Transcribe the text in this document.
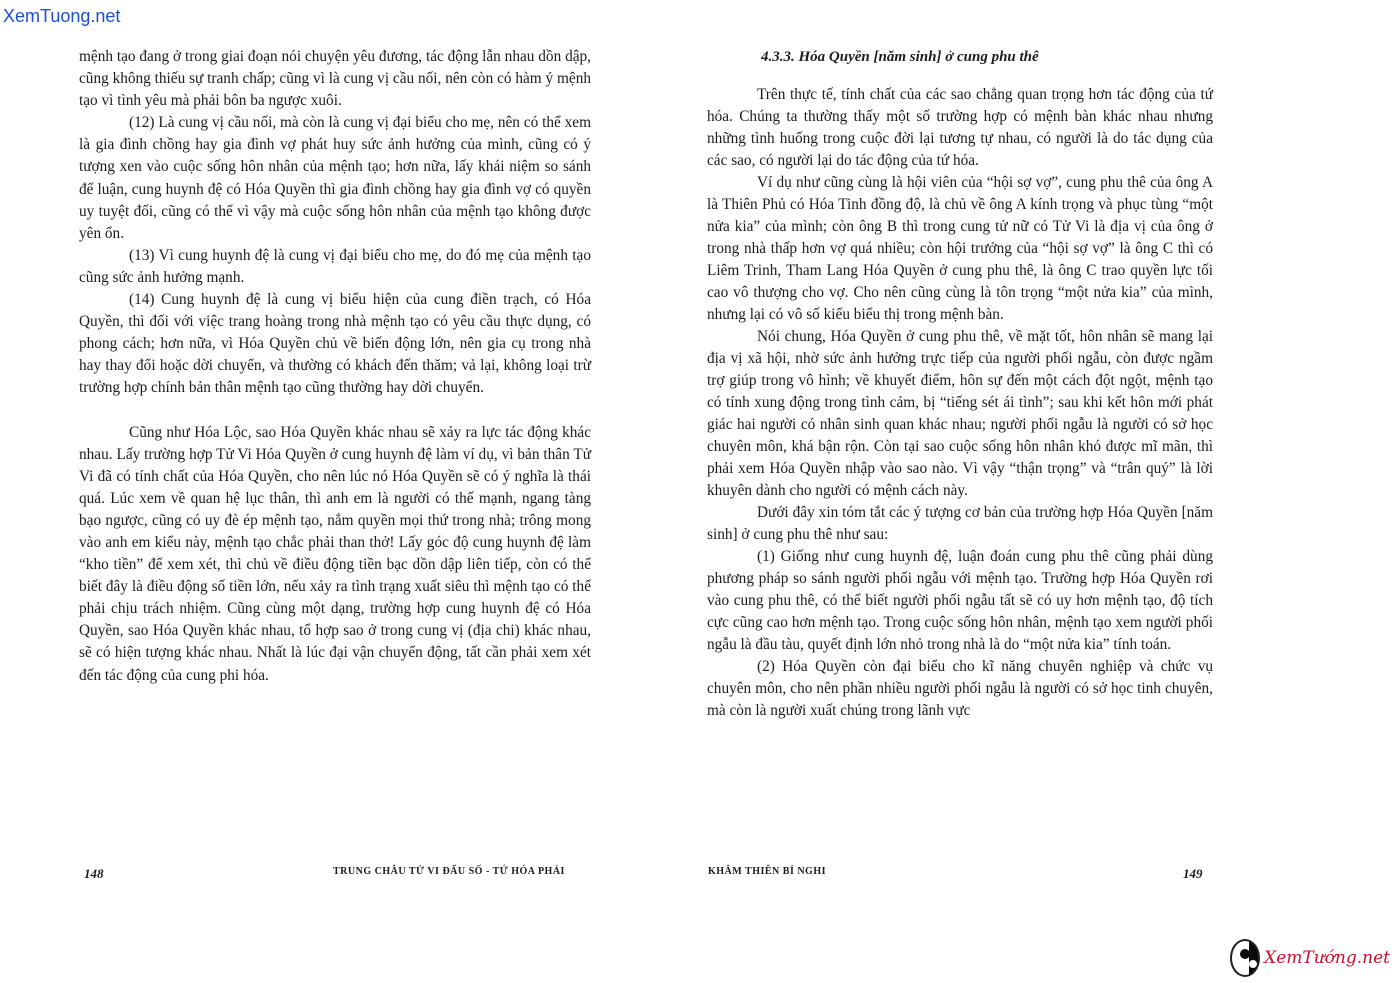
XemTuong.net

mệnh tạo đang ở trong giai đoạn nói chuyện yêu đương, tác động lẫn nhau dồn dập, cũng không thiếu sự tranh chấp; cũng vì là cung vị cầu nối, nên còn có hàm ý mệnh tạo vì tình yêu mà phải bôn ba ngược xuôi.

(12) Là cung vị cầu nối, mà còn là cung vị đại biểu cho mẹ, nên có thể xem là gia đình chồng hay gia đình vợ phát huy sức ảnh hưởng của mình, cũng có ý tượng xen vào cuộc sống hôn nhân của mệnh tạo; hơn nữa, lấy khái niệm so sánh để luận, cung huynh đệ có Hóa Quyền thì gia đình chồng hay gia đình vợ có quyền uy tuyệt đối, cũng có thể vì vậy mà cuộc sống hôn nhân của mệnh tạo không được yên ổn.

(13) Vì cung huynh đệ là cung vị đại biểu cho mẹ, do đó mẹ của mệnh tạo cũng sức ảnh hưởng mạnh.

(14) Cung huynh đệ là cung vị biểu hiện của cung điền trạch, có Hóa Quyền, thì đối với việc trang hoàng trong nhà mệnh tạo có yêu cầu thực dụng, có phong cách; hơn nữa, vì Hóa Quyền chủ về biến động lớn, nên gia cụ trong nhà hay thay đổi hoặc dời chuyển, và thường có khách đến thăm; vả lại, không loại trừ trường hợp chính bản thân mệnh tạo cũng thường hay dời chuyển.

Cũng như Hóa Lộc, sao Hóa Quyền khác nhau sẽ xảy ra lực tác động khác nhau. Lấy trường hợp Tử Vi Hóa Quyền ở cung huynh đệ làm ví dụ, vì bản thân Tử Vi đã có tính chất của Hóa Quyền, cho nên lúc nó Hóa Quyền sẽ có ý nghĩa là thái quá. Lúc xem về quan hệ lục thân, thì anh em là người có thế mạnh, ngang tàng bạo ngược, cũng có uy đè ép mệnh tạo, nắm quyền mọi thứ trong nhà; trông mong vào anh em kiểu này, mệnh tạo chắc phải than thở! Lấy góc độ cung huynh đệ làm “kho tiền” để xem xét, thì chủ về điều động tiền bạc dồn dập liên tiếp, còn có thể biết đây là điều động số tiền lớn, nếu xảy ra tình trạng xuất siêu thì mệnh tạo có thể phải chịu trách nhiệm. Cũng cùng một dạng, trường hợp cung huynh đệ có Hóa Quyền, sao Hóa Quyền khác nhau, tổ hợp sao ở trong cung vị (địa chi) khác nhau, sẽ có hiện tượng khác nhau. Nhất là lúc đại vận chuyển động, tất cần phải xem xét đến tác động của cung phi hóa.

148	TRUNG CHÂU TỬ VI ĐẨU SỐ - TỨ HÓA PHÁI

4.3.3. Hóa Quyền [năm sinh] ở cung phu thê

Trên thực tế, tính chất của các sao chẳng quan trọng hơn tác động của tứ hóa. Chúng ta thường thấy một số trường hợp có mệnh bàn khác nhau nhưng những tình huống trong cuộc đời lại tương tự nhau, có người là do tác dụng của các sao, có người lại do tác động của tứ hóa.

Ví dụ như cũng cùng là hội viên của “hội sợ vợ”, cung phu thê của ông A là Thiên Phủ có Hóa Tinh đồng độ, là chủ về ông A kính trọng và phục tùng “một nửa kia” của mình; còn ông B thì trong cung tử nữ có Tử Vi là địa vị của ông ở trong nhà thấp hơn vợ quá nhiều; còn hội trưởng của “hội sợ vợ” là ông C thì có Liêm Trinh, Tham Lang Hóa Quyền ở cung phu thê, là ông C trao quyền lực tối cao vô thượng cho vợ. Cho nên cũng cùng là tôn trọng “một nửa kia” của mình, nhưng lại có vô số kiểu biểu thị trong mệnh bàn.

Nói chung, Hóa Quyền ở cung phu thê, về mặt tốt, hôn nhân sẽ mang lại địa vị xã hội, nhờ sức ảnh hưởng trực tiếp của người phối ngẫu, còn được ngầm trợ giúp trong vô hình; về khuyết điểm, hôn sự đến một cách đột ngột, mệnh tạo có tính xung động trong tình cảm, bị “tiếng sét ái tình”; sau khi kết hôn mới phát giác hai người có nhân sinh quan khác nhau; người phối ngẫu là người có sở học chuyên môn, khá bận rộn. Còn tại sao cuộc sống hôn nhân khó được mĩ mãn, thì phải xem Hóa Quyền nhập vào sao nào. Vì vậy “thận trọng” và “trân quý” là lời khuyên dành cho người có mệnh cách này.

Dưới đây xin tóm tắt các ý tượng cơ bản của trường hợp Hóa Quyền [năm sinh] ở cung phu thê như sau:

(1) Giống như cung huynh đệ, luận đoán cung phu thê cũng phải dùng phương pháp so sánh người phối ngẫu với mệnh tạo. Trường hợp Hóa Quyền rơi vào cung phu thê, có thể biết người phối ngẫu tất sẽ có uy hơn mệnh tạo, độ tích cực cũng cao hơn mệnh tạo. Trong cuộc sống hôn nhân, mệnh tạo xem người phối ngẫu là đầu tàu, quyết định lớn nhỏ trong nhà là do “một nửa kia” tính toán.

(2) Hóa Quyền còn đại biểu cho kĩ năng chuyên nghiệp và chức vụ chuyên môn, cho nên phần nhiều người phối ngẫu là người có sở học tinh chuyên, mà còn là người xuất chúng trong lãnh vực

KHÂM THIÊN BÍ NGHI	149
XemTướng.net
